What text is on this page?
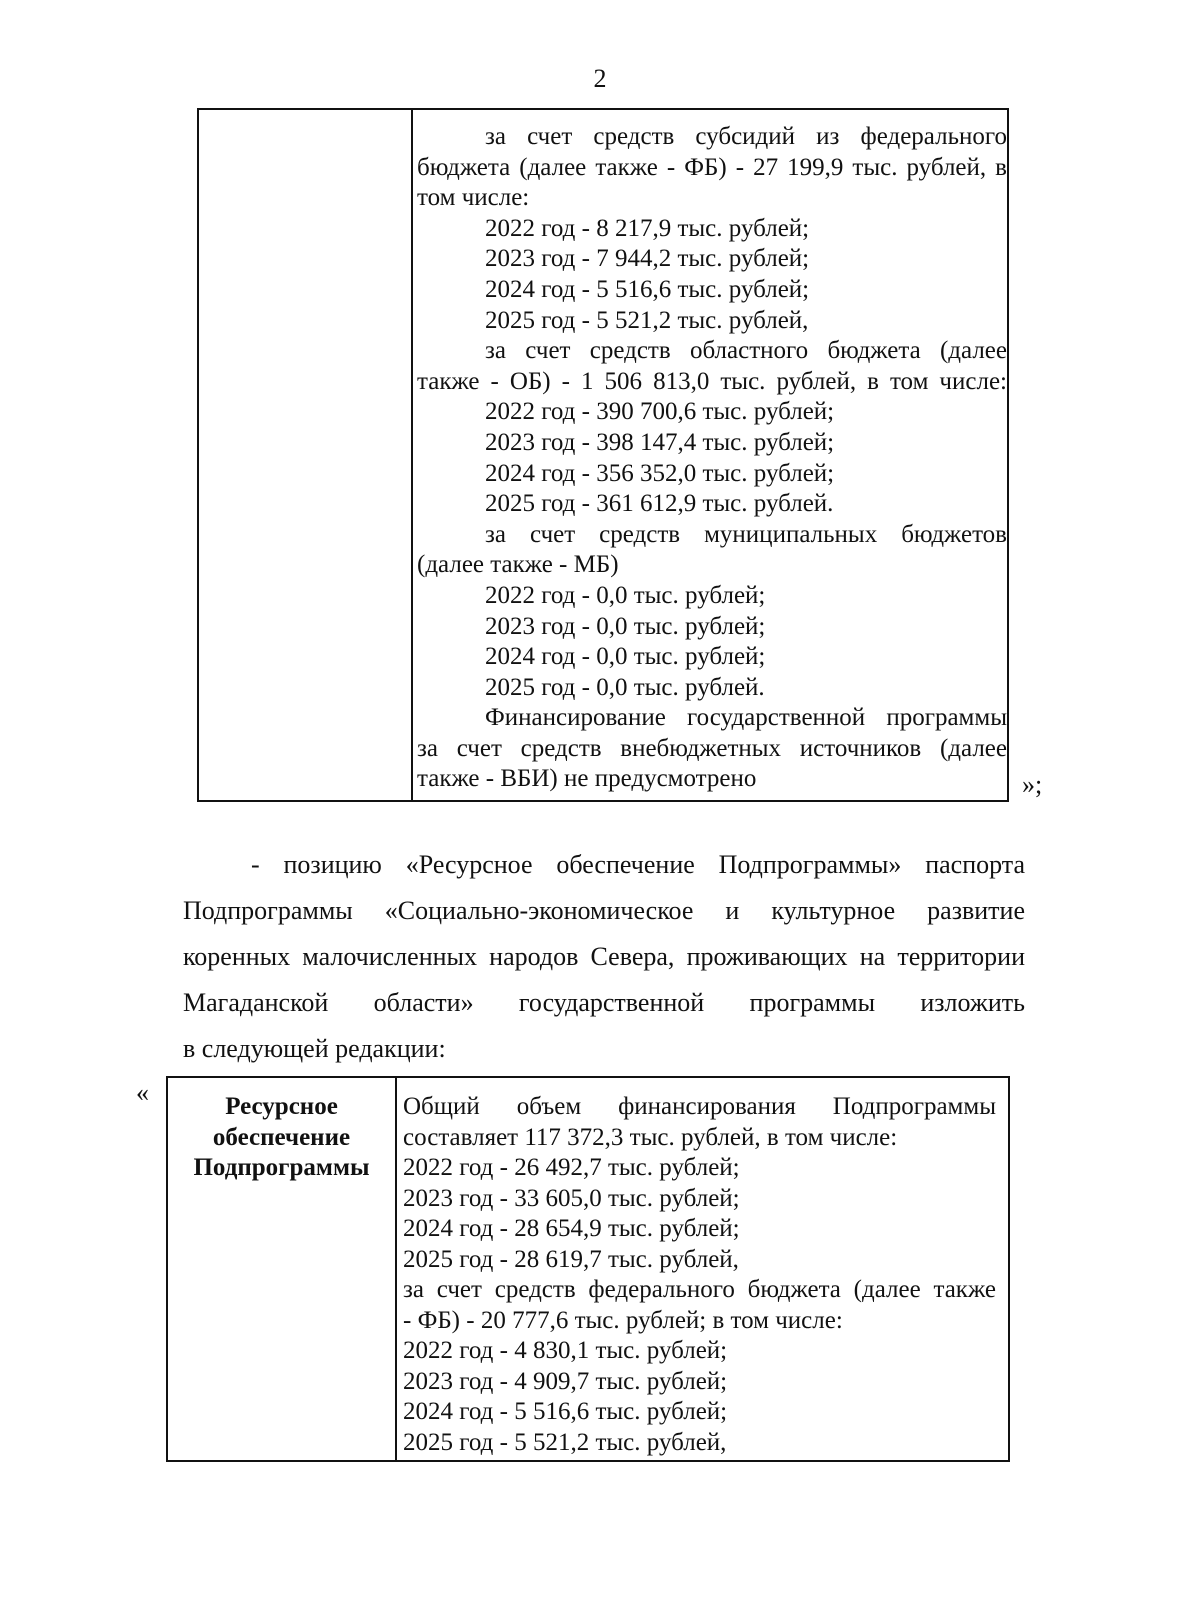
2

за счет средств субсидий из федерального

бюджета (далее также - ФБ) - 27 199,9 тыс. рублей, в

том числе:

2022 год - 8 217,9 тыс. рублей;

2023 год - 7 944,2 тыс. рублей;

2024 год - 5 516,6 тыс. рублей;

2025 год - 5 521,2 тыс. рублей,

за счет средств областного бюджета (далее

также - ОБ) - 1 506 813,0 тыс. рублей, в том числе:

2022 год - 390 700,6 тыс. рублей;

2023 год - 398 147,4 тыс. рублей;

2024 год - 356 352,0 тыс. рублей;

2025 год - 361 612,9 тыс. рублей.

за счет средств муниципальных бюджетов

(далее также - МБ)

2022 год - 0,0 тыс. рублей;

2023 год - 0,0 тыс. рублей;

2024 год - 0,0 тыс. рублей;

2025 год - 0,0 тыс. рублей.

Финансирование государственной программы

за счет средств внебюджетных источников (далее

также - ВБИ) не предусмотрено	»;
- позицию «Ресурсное обеспечение Подпрограммы» паспорта
Подпрограммы «Социально-экономическое и культурное развитие
коренных малочисленных народов Севера, проживающих на территории
Магаданской области» государственной программы изложить
в следующей редакции:
«	Ресурсное
обеспечение
Подпрограммы

Общий объем финансирования Подпрограммы

составляет 117 372,3 тыс. рублей, в том числе:

2022 год - 26 492,7 тыс. рублей;

2023 год - 33 605,0 тыс. рублей;

2024 год - 28 654,9 тыс. рублей;

2025 год - 28 619,7 тыс. рублей,

за счет средств федерального бюджета (далее также

- ФБ) - 20 777,6 тыс. рублей; в том числе:

2022 год - 4 830,1 тыс. рублей;

2023 год - 4 909,7 тыс. рублей;

2024 год - 5 516,6 тыс. рублей;

2025 год - 5 521,2 тыс. рублей,
